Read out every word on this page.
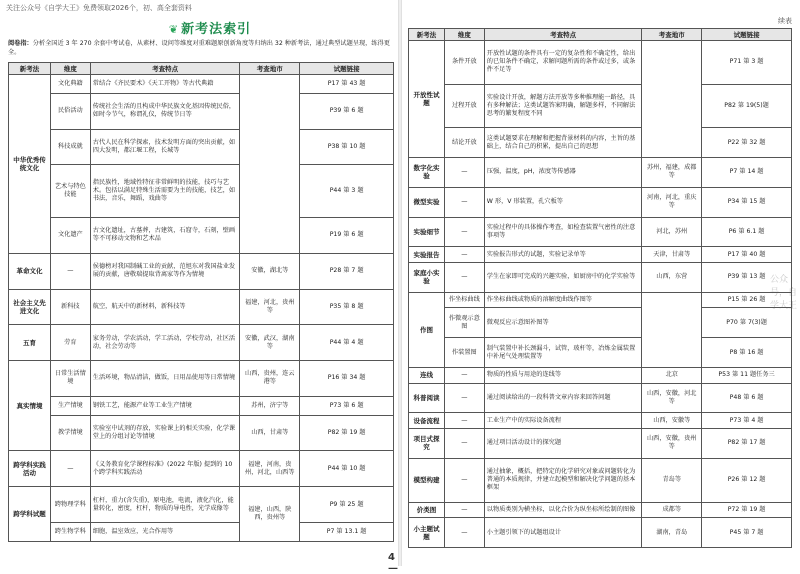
关注公众号《自学大王》免费领取2026个，初、高全套资料
❦ 新考法索引
阅卷指：分析全国近 3 年 270 余套中考试卷，从素材、设问等维度对重难题原创新角度等归纳出 32 种新考法，通过典型试题呈现，练得更全。
新考法	维度	考查特点	考查地市	试题链接
中华优秀传统文化	文化典籍	常结合《齐民要术》《天工开物》等古代典籍		P17 第 43 题
	民俗活动	传统社会生活的且构成中华民族文化基因传统民俗，如时今节气，称谓礼仪，传统节日等		P39 第 6 题
	科技成就	古代人民在科学探索，技术发明方面的突出贡献，如四大发明，都江堰工程，长城等		P38 第 10 题
	艺术与特色技能	指民族性，地域性特征非常鲜明的技能，技巧与艺术。包括以满足特殊生活需要为主的技能，技艺，如书法，音乐，舞蹈，戏曲等		P44 第 3 题
	文化遗产	古文化遗址，古墓葬，古建筑，石窟寺，石刻，壁画等不可移动文物和艺术品		P19 第 6 题
革命文化	—	侯德榜对我国制碱工业的贡献，范旭东对我国盐业发展的贡献，唐敬瑞提取背离家等作为情境	安徽，湖北等	P28 第 7 题
社会主义先进文化	新科技	航空，航天中的新材料，新科技等	福建，河北，贵州等	P35 第 8 题
五育	劳育	家务劳动，学农活动，学工活动，学校劳动，社区活动，社会劳动等	安徽，武汉，湖南等	P44 第 4 题
真实情境	日常生活情境	生活环境，物品清洁，做饭，日用品使用等日常情境	山西，贵州，连云港等	P16 第 34 题
	生产情境	钢铁工艺，能源产业等工业生产情境	苏州，济宁等	P73 第 6 题
	教学情境	实验室中试剂的存放，实验课上的相关实验，化学课堂上的分组讨论等情境	山西，甘肃等	P82 第 19 题
跨学科实践活动	—	《义务教育化学课程标准》(2022 年版) 提到的 10 个跨学科实践活动	福建，河南，贵州，河北，山西等	P44 第 10 题
跨学科试题	跨物理学科	杠杆，重力(含失重)，原电池，电流，液化汽化，能量转化，密度，杠杆，物质的导电性，光学成像等	福建，山西，陕西，贵州等	P9 第 25 题
	跨生物学科	细胞，温室效应，光合作用等		P7 第 13.1 题
4 —
续表
公众号，自学大王
新考法	维度	考查特点	考查地市	试题链接
开放性试题	条件开放	开放性试题的条件具有一定的复杂性和不确定性，给出的已知条件不确定，求解问题所需的条件或过多，或条件不足等		P71 第 3 题
	过程开放	实验设计开放，解题方法开放等多种推理能一路径，具有多种解法；这类试题答案明确，解题多样，不同解法思考的繁复程度不同		P82 第 19(5)题
	结论开放	这类试题要求在理解和把握背景材料的内容，主旨的基础上，结合自己的积累，提出自己的思想		P22 第 32 题
数字化实验	—	压强，温度，pH，浓度等传感器	苏州，福建，成都等	P7 第 14 题
微型实验	—	W 形，V 形装置，孔穴板等	河南，河北，重庆等	P34 第 15 题
实验细节	—	实验过程中的具体操作考查，如检查装置气密性的注意事项等	河北，苏州	P6 第 6.1 题
实验报告	—	实验报告形式的试题，实验记录单等	天津，甘肃等	P17 第 40 题
家庭小实验	—	学生在家即可完成的兴趣实验，如厨房中的化学实验等	山西，东营	P39 第 13 题
作图	作坐标曲线	作坐标曲线或物质的溶解度曲线作图等		P15 第 26 题
	作微观示意图	微观反应示意图补图等		P70 第 7(3)题
	作装置图	制气装置中补长颈漏斗，试管，玻杆等，冶炼金属装置中补尾气处理装置等		P8 第 16 题
连线	—	物质的性质与用途的连线等	北京	P53 第 11 题任务三
科普阅读	—	通过阅读给出的一段科普文章内容来回答问题	山西，安徽，河北等	P48 第 6 题
设备流程	—	工业生产中的实际设备流程	山西，安徽等	P73 第 4 题
项目式探究	—	通过项目活动设计的探究题	山西，安徽，贵州等	P82 第 17 题
模型构建	—	通过抽象，概括，把特定的化学研究对象或问题转化为普通的本质规律，并建立起模型和解决化学问题的基本框架	青岛等	P26 第 12 题
价类图	—	以物质类别为横坐标，以化合价为纵坐标所绘制的图像	成都等	P72 第 19 题
小主题试题	—	小主题引领下的试题组设计	湖南，青岛	P45 第 7 题
